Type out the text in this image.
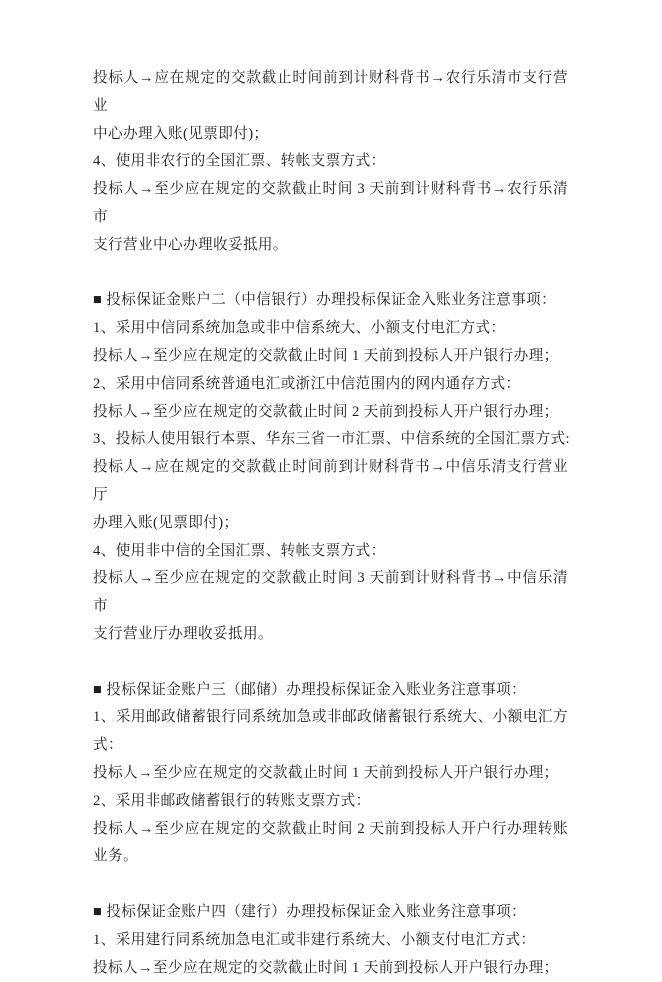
投标人→应在规定的交款截止时间前到计财科背书→农行乐清市支行营业
中心办理入账(见票即付)；
4、使用非农行的全国汇票、转帐支票方式：
投标人→至少应在规定的交款截止时间 3 天前到计财科背书→农行乐清市
支行营业中心办理收妥抵用。
■ 投标保证金账户二（中信银行）办理投标保证金入账业务注意事项：
1、采用中信同系统加急或非中信系统大、小额支付电汇方式：
投标人→至少应在规定的交款截止时间 1 天前到投标人开户银行办理；
2、采用中信同系统普通电汇或浙江中信范围内的网内通存方式：
投标人→至少应在规定的交款截止时间 2 天前到投标人开户银行办理；
3、投标人使用银行本票、华东三省一市汇票、中信系统的全国汇票方式:
投标人→应在规定的交款截止时间前到计财科背书→中信乐清支行营业厅
办理入账(见票即付)；
4、使用非中信的全国汇票、转帐支票方式：
投标人→至少应在规定的交款截止时间 3 天前到计财科背书→中信乐清市
支行营业厅办理收妥抵用。
■ 投标保证金账户三（邮储）办理投标保证金入账业务注意事项：
1、采用邮政储蓄银行同系统加急或非邮政储蓄银行系统大、小额电汇方
式：
投标人→至少应在规定的交款截止时间 1 天前到投标人开户银行办理；
2、采用非邮政储蓄银行的转账支票方式：
投标人→至少应在规定的交款截止时间 2 天前到投标人开户行办理转账
业务。
■ 投标保证金账户四（建行）办理投标保证金入账业务注意事项：
1、采用建行同系统加急电汇或非建行系统大、小额支付电汇方式：
投标人→至少应在规定的交款截止时间 1 天前到投标人开户银行办理；
